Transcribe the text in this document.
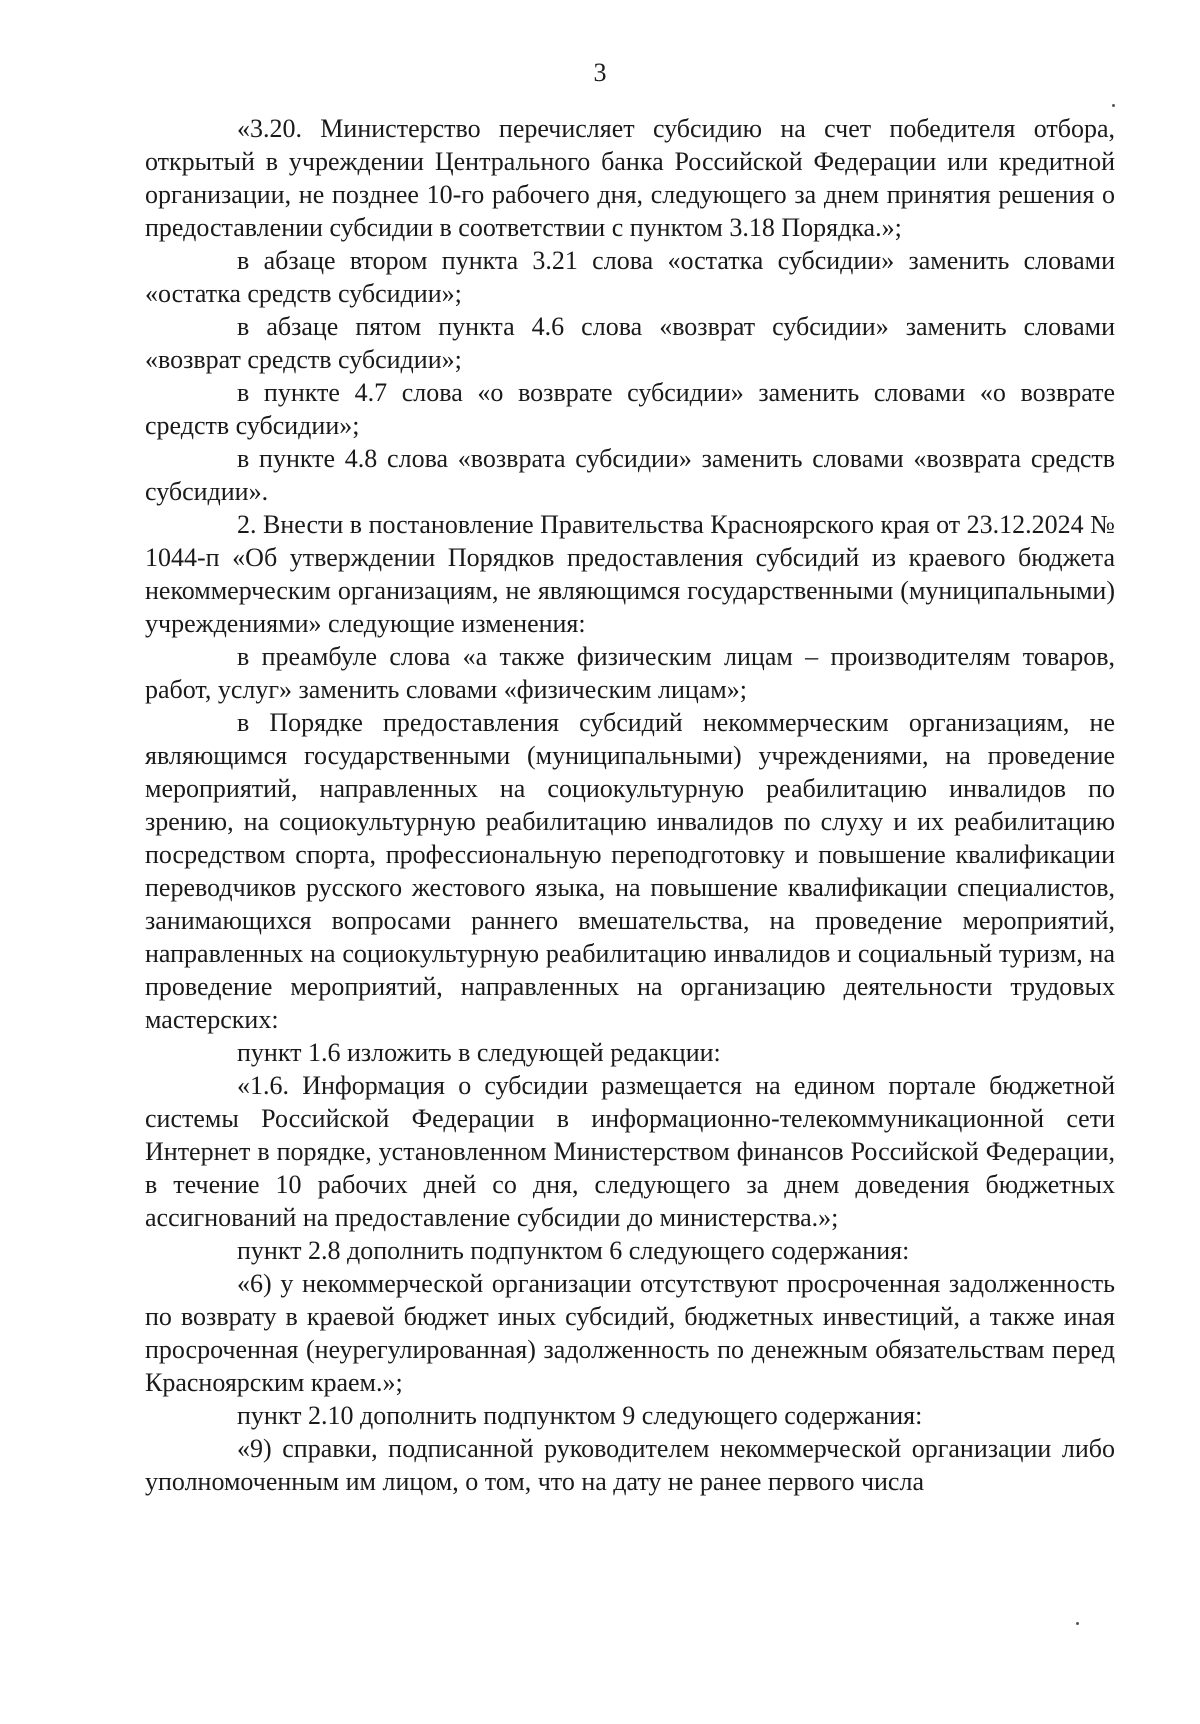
3

«3.20. Министерство перечисляет субсидию на счет победителя отбора, открытый в учреждении Центрального банка Российской Федерации или кредитной организации, не позднее 10-го рабочего дня, следующего за днем принятия решения о предоставлении субсидии в соответствии с пунктом 3.18 Порядка.»;

в абзаце втором пункта 3.21 слова «остатка субсидии» заменить словами «остатка средств субсидии»;

в абзаце пятом пункта 4.6 слова «возврат субсидии» заменить словами «возврат средств субсидии»;

в пункте 4.7 слова «о возврате субсидии» заменить словами «о возврате средств субсидии»;

в пункте 4.8 слова «возврата субсидии» заменить словами «возврата средств субсидии».

2. Внести в постановление Правительства Красноярского края от 23.12.2024 № 1044-п «Об утверждении Порядков предоставления субсидий из краевого бюджета некоммерческим организациям, не являющимся государственными (муниципальными) учреждениями» следующие изменения:

в преамбуле слова «а также физическим лицам – производителям товаров, работ, услуг» заменить словами «физическим лицам»;

в Порядке предоставления субсидий некоммерческим организациям, не являющимся государственными (муниципальными) учреждениями, на проведение мероприятий, направленных на социокультурную реабилитацию инвалидов по зрению, на социокультурную реабилитацию инвалидов по слуху и их реабилитацию посредством спорта, профессиональную переподготовку и повышение квалификации переводчиков русского жестового языка, на повышение квалификации специалистов, занимающихся вопросами раннего вмешательства, на проведение мероприятий, направленных на социокультурную реабилитацию инвалидов и социальный туризм, на проведение мероприятий, направленных на организацию деятельности трудовых мастерских:

пункт 1.6 изложить в следующей редакции:

«1.6. Информация о субсидии размещается на едином портале бюджетной системы Российской Федерации в информационно-телекоммуникационной сети Интернет в порядке, установленном Министерством финансов Российской Федерации, в течение 10 рабочих дней со дня, следующего за днем доведения бюджетных ассигнований на предоставление субсидии до министерства.»;

пункт 2.8 дополнить подпунктом 6 следующего содержания:

«6) у некоммерческой организации отсутствуют просроченная задолженность по возврату в краевой бюджет иных субсидий, бюджетных инвестиций, а также иная просроченная (неурегулированная) задолженность по денежным обязательствам перед Красноярским краем.»;

пункт 2.10 дополнить подпунктом 9 следующего содержания:

«9) справки, подписанной руководителем некоммерческой организации либо уполномоченным им лицом, о том, что на дату не ранее первого числа
